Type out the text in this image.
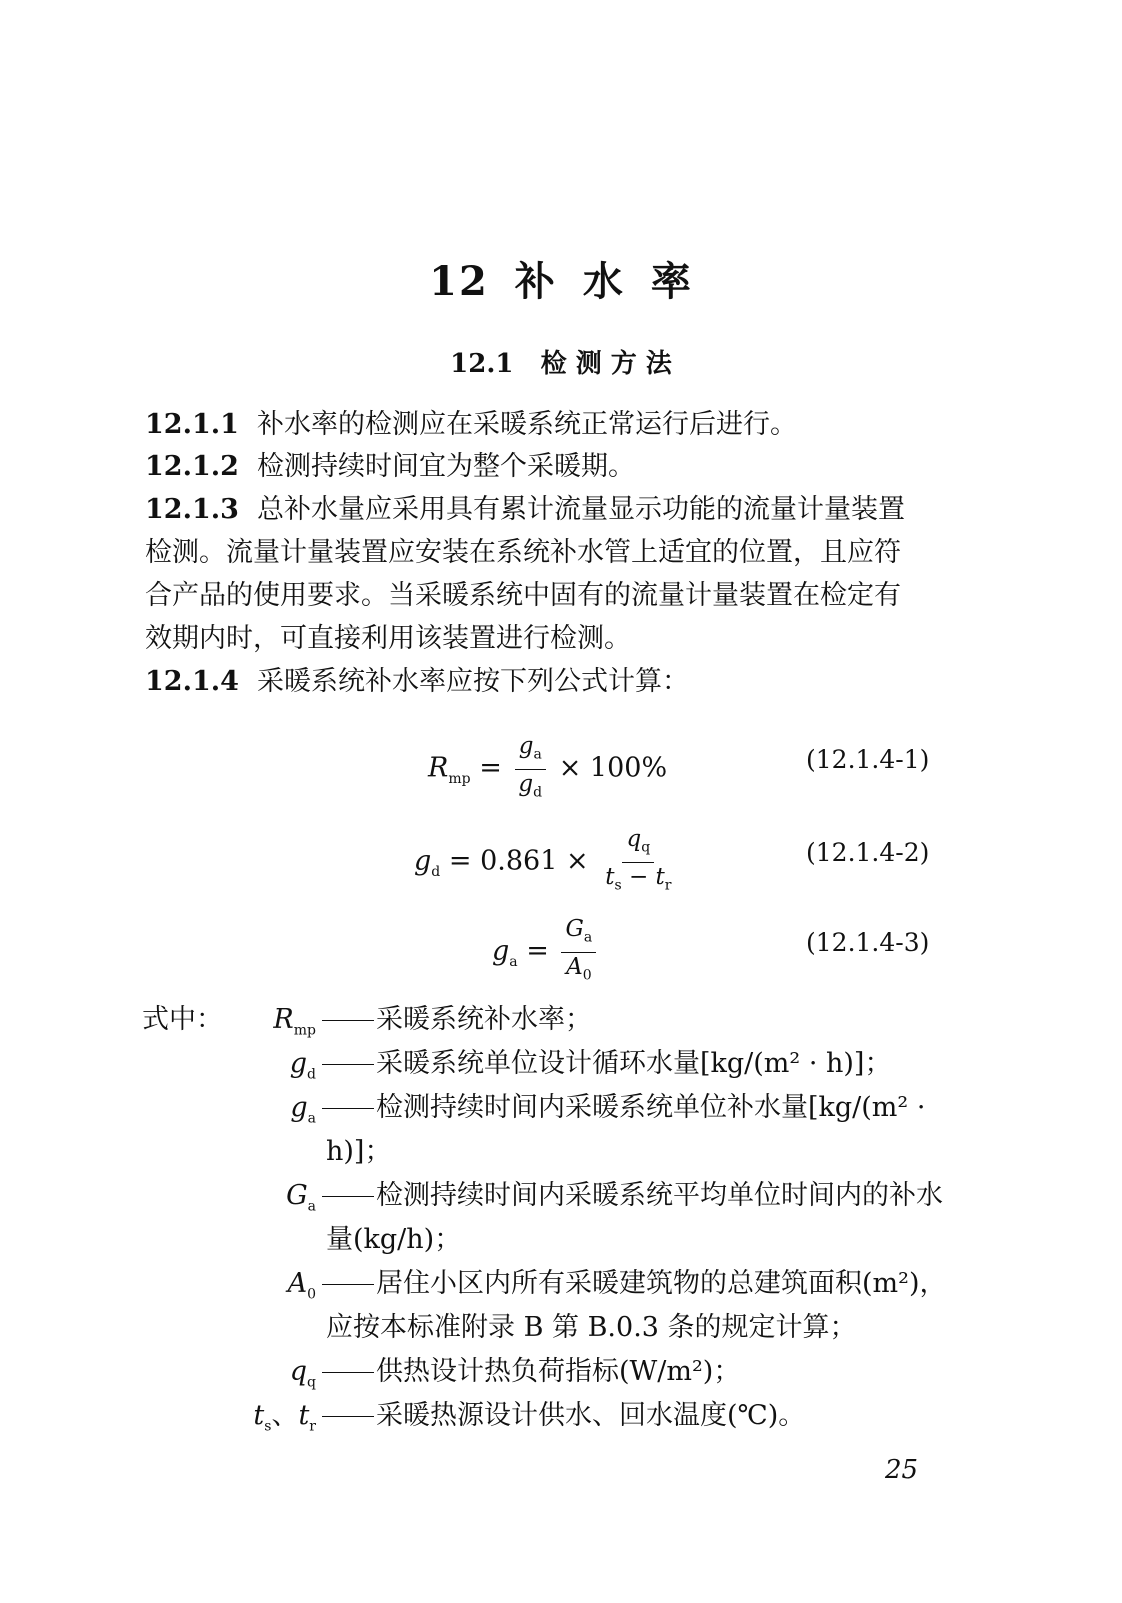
12 补 水 率
12.1 检 测 方 法
12.1.1 补水率的检测应在采暖系统正常运行后进行。
12.1.2 检测持续时间宜为整个采暖期。
12.1.3 总补水量应采用具有累计流量显示功能的流量计量装置
检测。流量计量装置应安装在系统补水管上适宜的位置，且应符
合产品的使用要求。当采暖系统中固有的流量计量装置在检定有
效期内时，可直接利用该装置进行检测。
12.1.4 采暖系统补水率应按下列公式计算：
$R_{mp} = \frac{g_a}{g_d} \times 100\%$	(12.1.4-1)
$g_d = 0.861 \times \frac{q_q}{t_s - t_r}$	(12.1.4-2)
$g_a = \frac{G_a}{A_0}$	(12.1.4-3)
式中：	$R_{mp}$	采暖系统补水率；
$g_d$	采暖系统单位设计循环水量[kg/(m² · h)]；
$g_a$	检测持续时间内采暖系统单位补水量[kg/(m² ·
h)]；
$G_a$	检测持续时间内采暖系统平均单位时间内的补水
量(kg/h)；
$A_0$	居住小区内所有采暖建筑物的总建筑面积(m²)，
应按本标准附录 B 第 B.0.3 条的规定计算；
$q_q$	供热设计热负荷指标(W/m²)；
$t_s$、$t_r$	采暖热源设计供水、回水温度(℃)。
25
